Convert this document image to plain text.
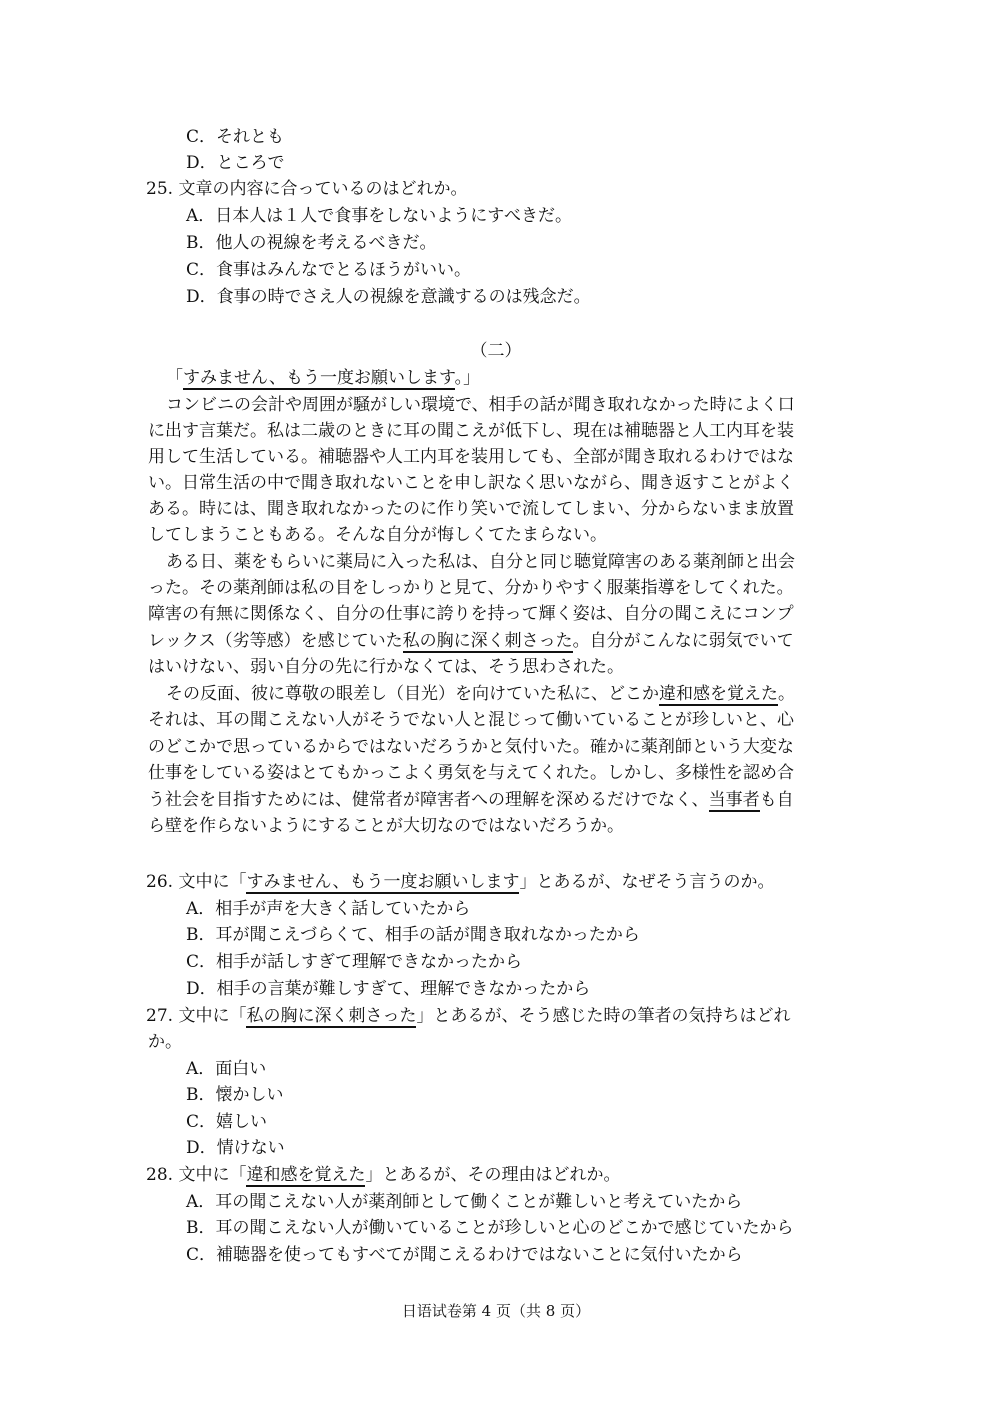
C．それとも

D．ところで

25. 文章の内容に合っているのはどれか。

A．日本人は１人で食事をしないようにすべきだ。

B．他人の視線を考えるべきだ。

C．食事はみんなでとるほうがいい。

D．食事の時でさえ人の視線を意識するのは残念だ。

（二）

「すみません、もう一度お願いします。」

コンビニの会計や周囲が騒がしい環境で、相手の話が聞き取れなかった時によく口

に出す言葉だ。私は二歳のときに耳の聞こえが低下し、現在は補聴器と人工内耳を装

用して生活している。補聴器や人工内耳を装用しても、全部が聞き取れるわけではな

い。日常生活の中で聞き取れないことを申し訳なく思いながら、聞き返すことがよく

ある。時には、聞き取れなかったのに作り笑いで流してしまい、分からないまま放置

してしまうこともある。そんな自分が悔しくてたまらない。

ある日、薬をもらいに薬局に入った私は、自分と同じ聴覚障害のある薬剤師と出会

った。その薬剤師は私の目をしっかりと見て、分かりやすく服薬指導をしてくれた。

障害の有無に関係なく、自分の仕事に誇りを持って輝く姿は、自分の聞こえにコンプ

レックス（劣等感）を感じていた私の胸に深く刺さった。自分がこんなに弱気でいて

はいけない、弱い自分の先に行かなくては、そう思わされた。

その反面、彼に尊敬の眼差し（目光）を向けていた私に、どこか違和感を覚えた。

それは、耳の聞こえない人がそうでない人と混じって働いていることが珍しいと、心

のどこかで思っているからではないだろうかと気付いた。確かに薬剤師という大変な

仕事をしている姿はとてもかっこよく勇気を与えてくれた。しかし、多様性を認め合

う社会を目指すためには、健常者が障害者への理解を深めるだけでなく、当事者も自

ら壁を作らないようにすることが大切なのではないだろうか。

26. 文中に「すみません、もう一度お願いします」とあるが、なぜそう言うのか。

A．相手が声を大きく話していたから

B．耳が聞こえづらくて、相手の話が聞き取れなかったから

C．相手が話しすぎて理解できなかったから

D．相手の言葉が難しすぎて、理解できなかったから

27. 文中に「私の胸に深く刺さった」とあるが、そう感じた時の筆者の気持ちはどれ

か。

A．面白い

B．懐かしい

C．嬉しい

D．情けない

28. 文中に「違和感を覚えた」とあるが、その理由はどれか。

A．耳の聞こえない人が薬剤師として働くことが難しいと考えていたから

B．耳の聞こえない人が働いていることが珍しいと心のどこかで感じていたから

C．補聴器を使ってもすべてが聞こえるわけではないことに気付いたから

日语试卷第 4 页（共 8 页）
